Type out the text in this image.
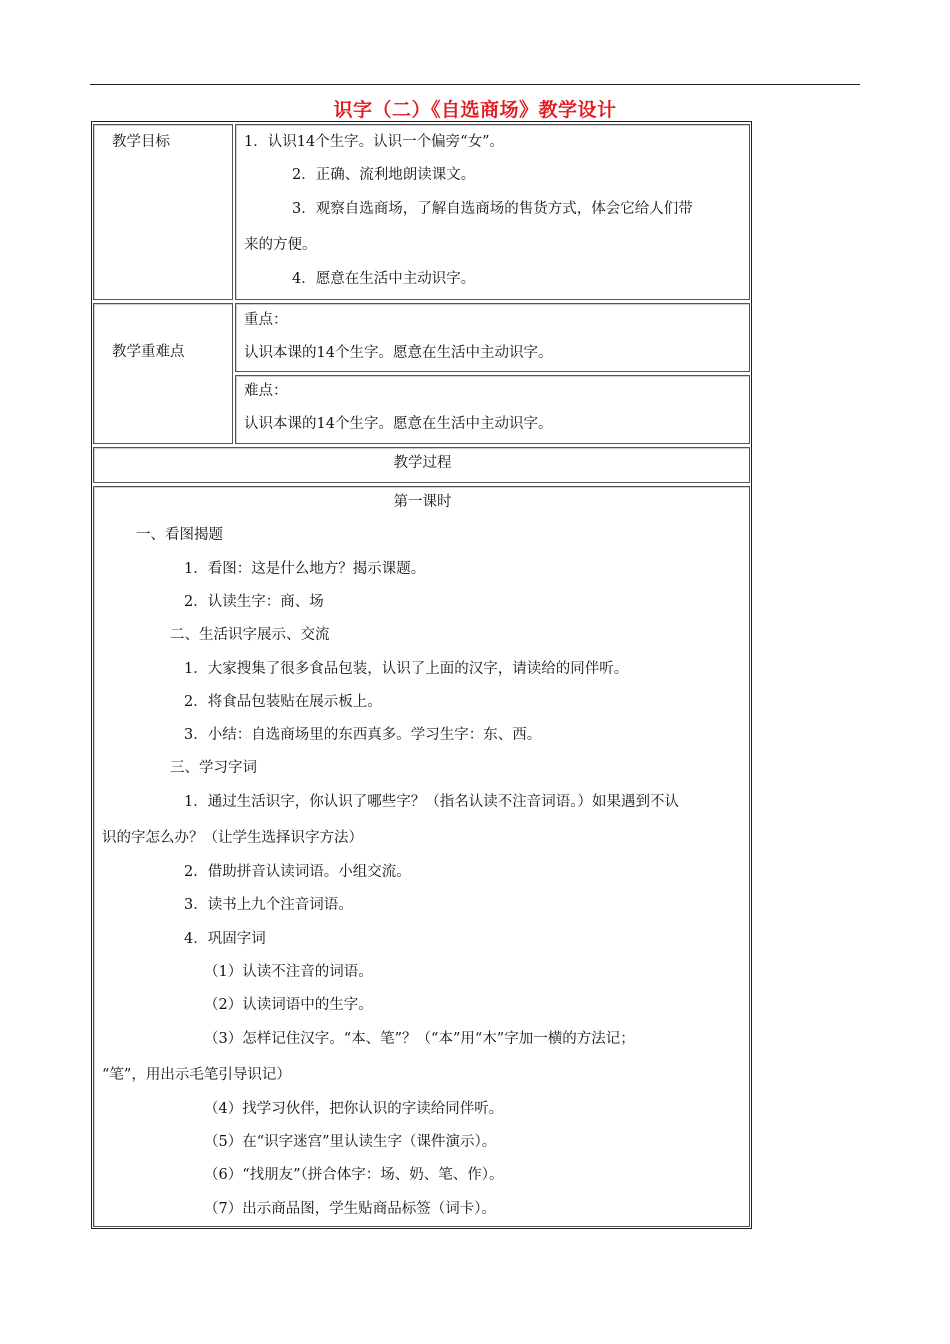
识字（二）《自选商场》教学设计
教学目标	1．认识14个生字。认识一个偏旁“女”。
2．正确、流利地朗读课文。
3．观察自选商场，了解自选商场的售货方式，体会它给人们带
来的方便。
4．愿意在生活中主动识字。
教学重难点
重点：
认识本课的14个生字。愿意在生活中主动识字。
难点：
认识本课的14个生字。愿意在生活中主动识字。
教学过程
第一课时
一、看图揭题
1．看图：这是什么地方？揭示课题。
2．认读生字：商、场
二、生活识字展示、交流
1．大家搜集了很多食品包装，认识了上面的汉字，请读给的同伴听。
2．将食品包装贴在展示板上。
3．小结：自选商场里的东西真多。学习生字：东、西。
三、学习字词
1．通过生活识字，你认识了哪些字？（指名认读不注音词语。）如果遇到不认
识的字怎么办？（让学生选择识字方法）
2．借助拼音认读词语。小组交流。
3．读书上九个注音词语。
4．巩固字词
（1）认读不注音的词语。
（2）认读词语中的生字。
（3）怎样记住汉字。“本、笔”？（“本”用“木”字加一横的方法记；
“笔”，用出示毛笔引导识记）
（4）找学习伙伴，把你认识的字读给同伴听。
（5）在“识字迷宫”里认读生字（课件演示）。
（6）“找朋友”（拼合体字：场、奶、笔、作）。
（7）出示商品图，学生贴商品标签（词卡）。
